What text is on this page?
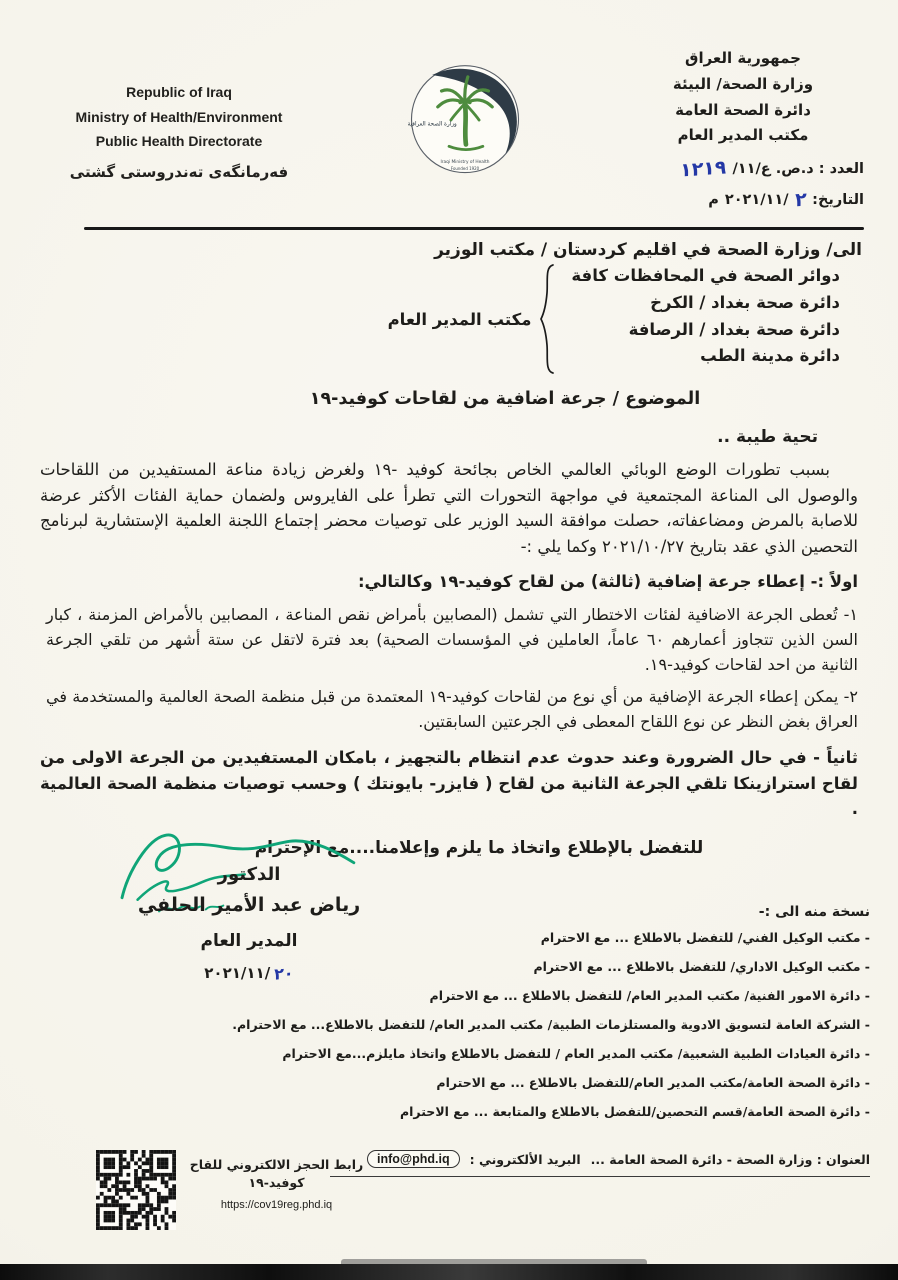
Republic of Iraq
Ministry of Health/Environment
Public Health Directorate
فەرمانگەی تەندروستی گشتی
وزارة الصحة العراقية
Iraqi Ministry of Health
Founded 1920
جمهورية العراق
وزارة الصحة/ البيئة
دائرة الصحة العامة
مكتب المدير العام
العدد : د.ص. ع/١١/
١٢١٩
التاريخ:
٢
٢٠٢١/١١/
م
الى/ وزارة الصحة في اقليم كردستان / مكتب الوزير
دوائر الصحة في المحافظات كافة
دائرة صحة بغداد / الكرخ
دائرة صحة بغداد / الرصافة
دائرة مدينة الطب
مكتب المدير العام
الموضوع / جرعة اضافية من لقاحات كوفيد-١٩
تحية طيبة ..

بسبب تطورات الوضع الوبائي العالمي الخاص بجائحة كوفيد -١٩ ولغرض زيادة مناعة المستفيدين من اللقاحات والوصول الى المناعة المجتمعية في مواجهة التحورات التي تطرأ على الفايروس ولضمان حماية الفئات الأكثر عرضة للاصابة بالمرض ومضاعفاته، حصلت موافقة السيد الوزير على توصيات محضر إجتماع اللجنة العلمية الإستشارية لبرنامج التحصين الذي عقد بتاريخ ٢٠٢١/١٠/٢٧ وكما يلي :-

اولاً :- إعطاء جرعة إضافية (ثالثة) من لقاح كوفيد-١٩ وكالتالي:

١- تُعطى الجرعة الاضافية لفئات الاختطار التي تشمل (المصابين بأمراض نقص المناعة ، المصابين بالأمراض المزمنة ، كبار السن الذين تتجاوز أعمارهم ٦٠ عاماً، العاملين في المؤسسات الصحية) بعد فترة لاتقل عن ستة أشهر من تلقي الجرعة الثانية من احد لقاحات كوفيد-١٩.

٢- يمكن إعطاء الجرعة الإضافية من أي نوع من لقاحات كوفيد-١٩ المعتمدة من قبل منظمة الصحة العالمية والمستخدمة في العراق بغض النظر عن نوع اللقاح المعطى في الجرعتين السابقتين.

ثانياً - في حال الضرورة وعند حدوث عدم انتظام بالتجهيز ، بامكان المستفيدين من الجرعة الاولى من لقاح استرازينكا تلقي الجرعة الثانية من لقاح ( فايزر- بايونتك ) وحسب توصيات منظمة الصحة العالمية .

للتفضل بالإطلاع واتخاذ ما يلزم وإعلامنا....مع الإحترام

الدكتور
رياض عبد الأمير الحلفي
المدير العام
٢٠
٢٠٢١/١١/
نسخة منه الى :-
- مكتب الوكيل الفني/ للتفضل بالاطلاع ... مع الاحترام
- مكتب الوكيل الاداري/ للتفضل بالاطلاع ... مع الاحترام
- دائرة الامور الفنية/ مكتب المدير العام/ للتفضل بالاطلاع ... مع الاحترام
- الشركة العامة لتسويق الادوية والمستلزمات الطبية/ مكتب المدير العام/ للتفضل بالاطلاع... مع الاحترام.
- دائرة العيادات الطبية الشعبية/ مكتب المدير العام / للتفضل بالاطلاع واتخاذ مايلزم...مع الاحترام
- دائرة الصحة العامة/مكتب المدير العام/للتفضل بالاطلاع ... مع الاحترام
- دائرة الصحة العامة/قسم التحصين/للتفضل بالاطلاع والمتابعة ... مع الاحترام
العنوان : وزارة الصحة - دائرة الصحة العامة ...
البريد الألكتروني :
info@phd.iq
رابط الحجز الالكتروني للقاح كوفيد-١٩
https://cov19reg.phd.iq
